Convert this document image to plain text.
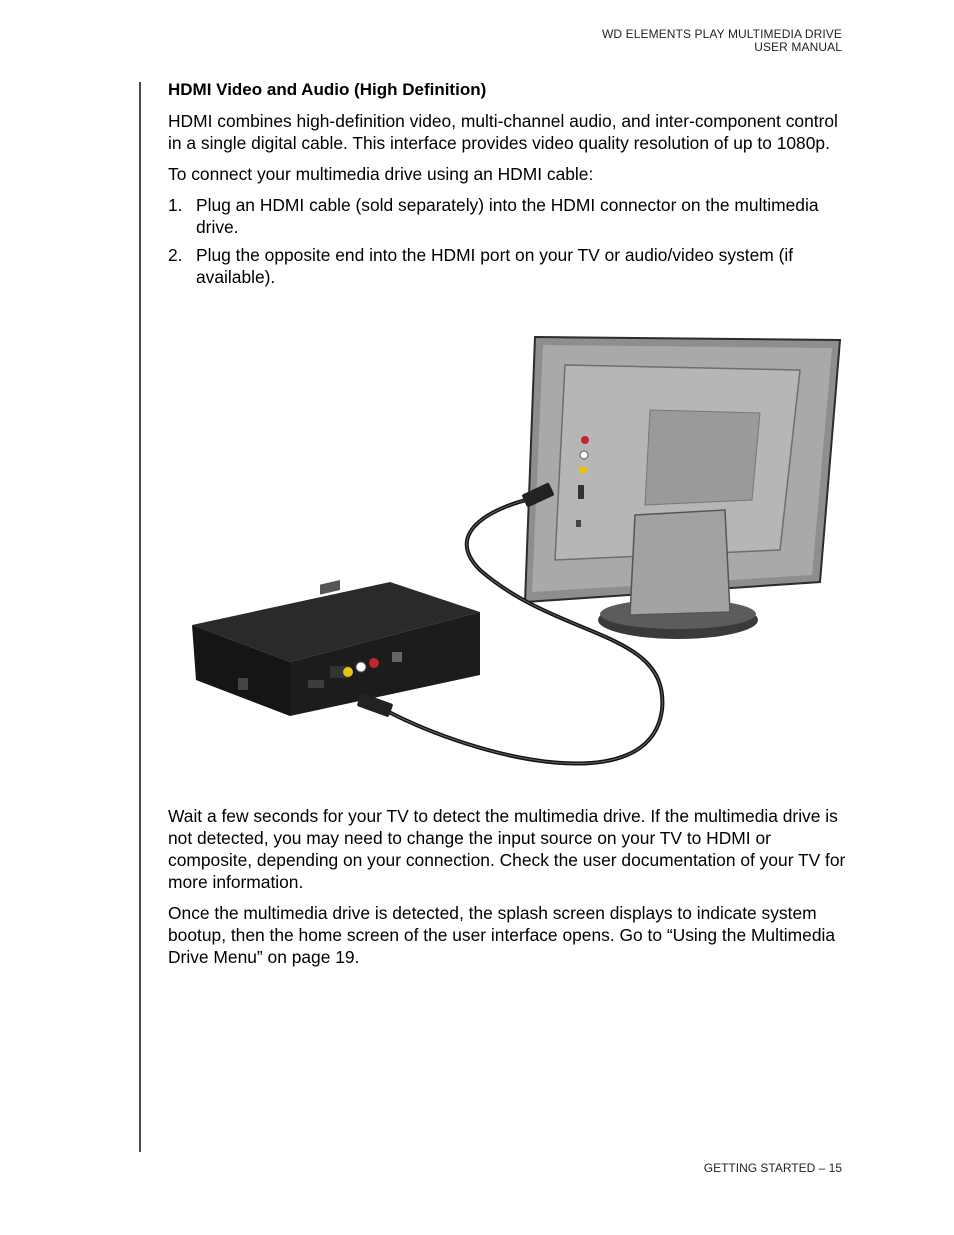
WD ELEMENTS PLAY MULTIMEDIA DRIVE
USER MANUAL
HDMI Video and Audio (High Definition)

HDMI combines high-definition video, multi-channel audio, and inter-component control in a single digital cable. This interface provides video quality resolution of up to 1080p.

To connect your multimedia drive using an HDMI cable:

1. Plug an HDMI cable (sold separately) into the HDMI connector on the multimedia drive.
2. Plug the opposite end into the HDMI port on your TV or audio/video system (if available).

Wait a few seconds for your TV to detect the multimedia drive. If the multimedia drive is not detected, you may need to change the input source on your TV to HDMI or composite, depending on your connection. Check the user documentation of your TV for more information.

Once the multimedia drive is detected, the splash screen displays to indicate system bootup, then the home screen of the user interface opens. Go to “Using the Multimedia Drive Menu” on page 19.

GETTING STARTED – 15
